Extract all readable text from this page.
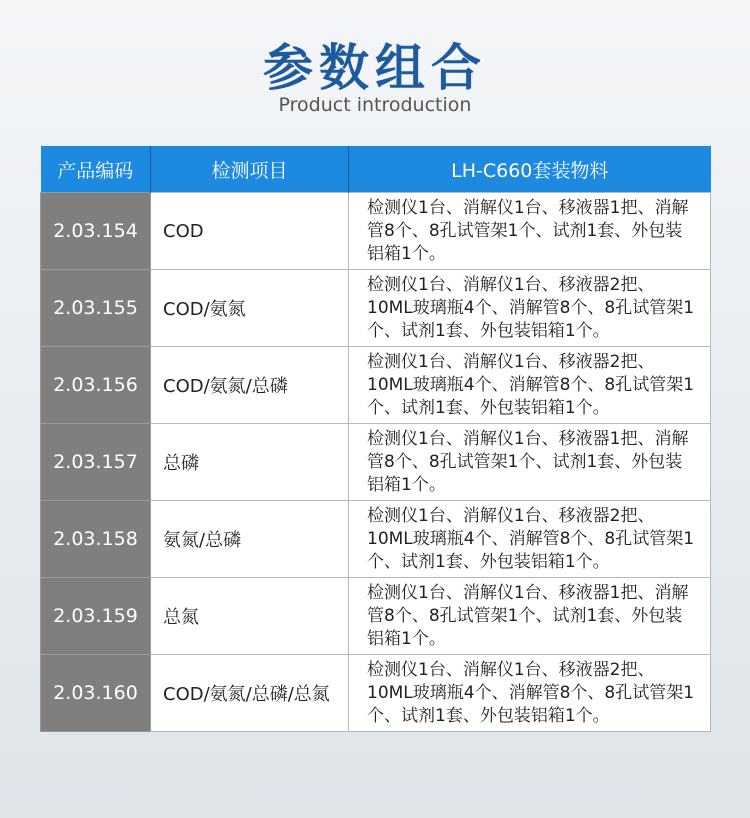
参数组合
Product introduction
产品编码	检测项目	LH-C660套装物料
2.03.154	COD	检测仪1台、消解仪1台、移液器1把、消解管8个、8孔试管架1个、试剂1套、外包装铝箱1个。
2.03.155	COD/氨氮	检测仪1台、消解仪1台、移液器2把、10ML玻璃瓶4个、消解管8个、8孔试管架1个、试剂1套、外包装铝箱1个。
2.03.156	COD/氨氮/总磷	检测仪1台、消解仪1台、移液器2把、10ML玻璃瓶4个、消解管8个、8孔试管架1个、试剂1套、外包装铝箱1个。
2.03.157	总磷	检测仪1台、消解仪1台、移液器1把、消解管8个、8孔试管架1个、试剂1套、外包装铝箱1个。
2.03.158	氨氮/总磷	检测仪1台、消解仪1台、移液器2把、10ML玻璃瓶4个、消解管8个、8孔试管架1个、试剂1套、外包装铝箱1个。
2.03.159	总氮	检测仪1台、消解仪1台、移液器1把、消解管8个、8孔试管架1个、试剂1套、外包装铝箱1个。
2.03.160	COD/氨氮/总磷/总氮	检测仪1台、消解仪1台、移液器2把、10ML玻璃瓶4个、消解管8个、8孔试管架1个、试剂1套、外包装铝箱1个。
